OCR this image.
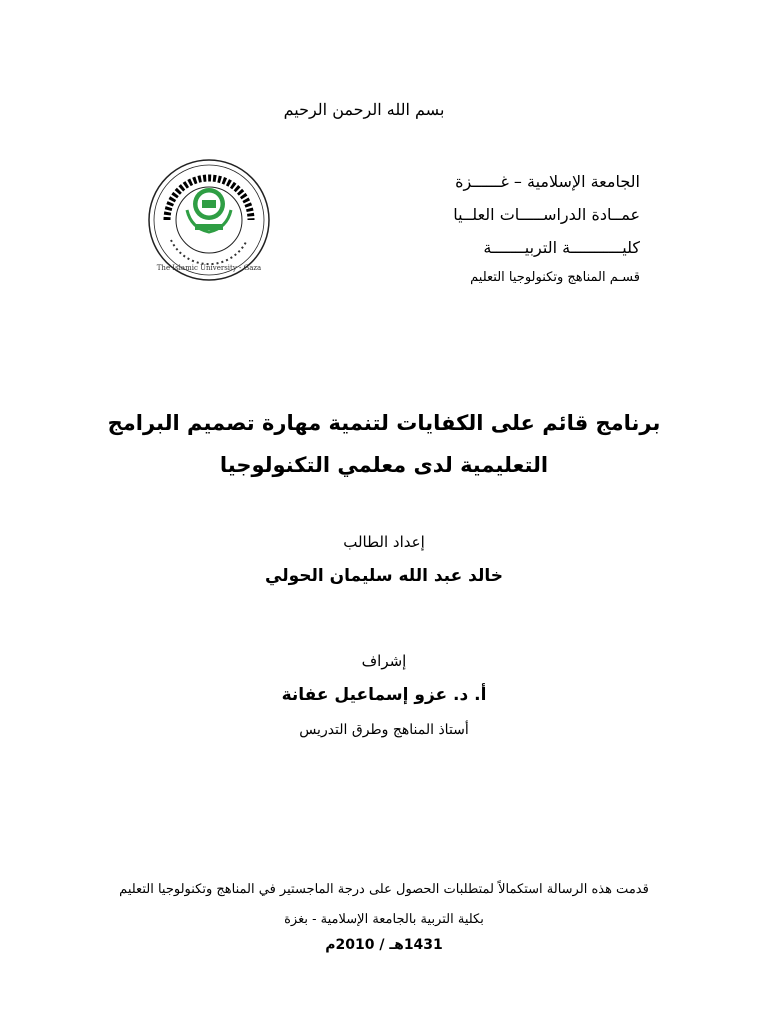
بسم الله الرحمن الرحيم
The Islamic University - Gaza
الجامعة الإسلامية – غــــــزة
عمــادة الدراســـــات العلــيا
كليـــــــــــة التربيـــــــة
قسـم المناهج وتكنولوجيا التعليم
برنامج قائم على الكفايات لتنمية مهارة تصميم البرامج
التعليمية لدى معلمي التكنولوجيا
إعداد الطالب
خالد عبد الله سليمان الحولي
إشراف
أ. د. عزو إسماعيل عفانة
أستاذ المناهج وطرق التدريس
قدمت هذه الرسالة استكمالاً لمتطلبات الحصول على درجة الماجستير في المناهج وتكنولوجيا التعليم
بكلية التربية بالجامعة الإسلامية - بغزة
1431هـ / 2010م
